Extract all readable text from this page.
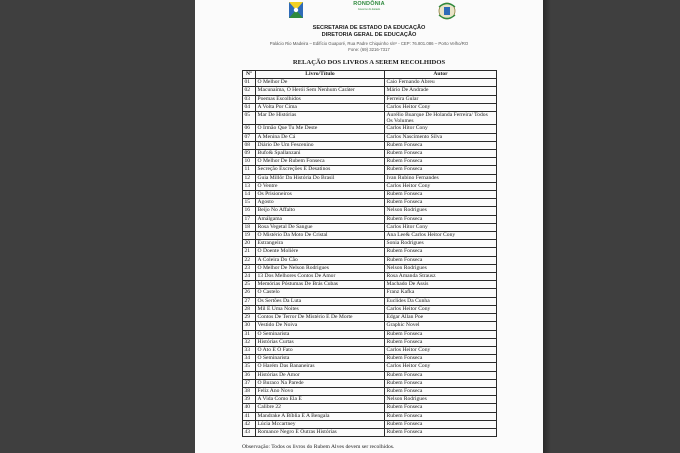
RONDÔNIA
Governo do Estado
SECRETARIA DE ESTADO DA EDUCAÇÃO
DIRETORIA GERAL DE EDUCAÇÃO
Palácio Rio Madeira – Edifício Guaporé, Rua Padre Chiquinho s/nº - CEP: 76.801.086 – Porto Velho/RO
Fone: (69) 3216-7317
RELAÇÃO DOS LIVROS A SEREM RECOLHIDOS
Nº	Livro/Título	Autor
01	O Melhor De	Caio Fernando Abreu
02	Macunaíma, O Herói Sem Nenhum Caráter	Mário De Andrade
03	Poemas Escolhidos	Ferreira Gular
04	A Volta Por Cima	Carlos Heitor Cony
05	Mar De Histórias	Aurélio Buarque De Holanda Ferreira/ Todos Os Volumes
06	O Irmão Que Tu Me Deste	Carlos Hitor Cony
07	A Menina De Cá	Carlos Nascimento Silva
08	Diário De Um Fescenino	Rubem Fonseca
09	Bufo& Spallanzani	Rubem Fonseca
10	O Melhor De Rubem Fonseca	Rubem Fonseca
11	Secreção Excreções E Desatinos	Rubem Fonseca
12	Guia Millôr Da História Do Brasil	Ivan Rubino Fernandes
13	O Ventre	Carlos Heitor Cony
14	Os Prisioneiros	Rubem Fonseca
15	Agosto	Rubem Fonseca
16	Beijo No Affalto	Nelson Rodrigues
17	Amálgama	Rubem Fonseca
18	Rosa Vegetal De Sangue	Carlos Hitor Cony
19	O Mistério Da Moto De Cristal	Ana Lee& Carlos Heitor Cony
20	Estrangeira	Sonia Rodrigues
21	O Doente Molière	Rubem Fonseca
22	A Coleira Do Cão	Rubem Fonseca
23	O Melhor De Nelson Rodrigues	Nelson Rodrigues
24	13 Dos Melhores Contos De Amor	Rosa Amanda Strausz
25	Memórias Póstumas De Brás Cubas	Machado De Assis
26	O Castelo	Franz Kafka
27	Os Sertões Da Luta	Euclides Da Cunha
28	Mil E Uma Noites	Carlos Heitor Cony
29	Contos De Terror De Mistério E De Morte	Edgar Allan Poe
30	Vestido De Noiva	Graphic Novel
31	O Seminarista	Rubem Fonseca
32	Histórias Curtas	Rubem Fonseca
33	O Ato E O Fato	Carlos Heitor Cony
34	O Seminarista	Rubem Fonseca
35	O Harém Das Bananeiras	Carlos Heitor Cony
36	Histórias De Amor	Rubem Fonseca
37	O Buraco Na Parede	Rubem Fonseca
38	Feliz Ano Novo	Rubem Fonseca
39	A Vida Como Ela É	Nelson Rodrigues
40	Calibre 22	Rubem Fonseca
41	Mandrake A Bíblia E A Bengala	Rubem Fonseca
42	Lúcia Mccartney	Rubem Fonseca
43	Romance Negro E Outras Histórias	Rubem Fonseca
Observação: Todos os livros do Rubem Alves devem ser recolhidos.
